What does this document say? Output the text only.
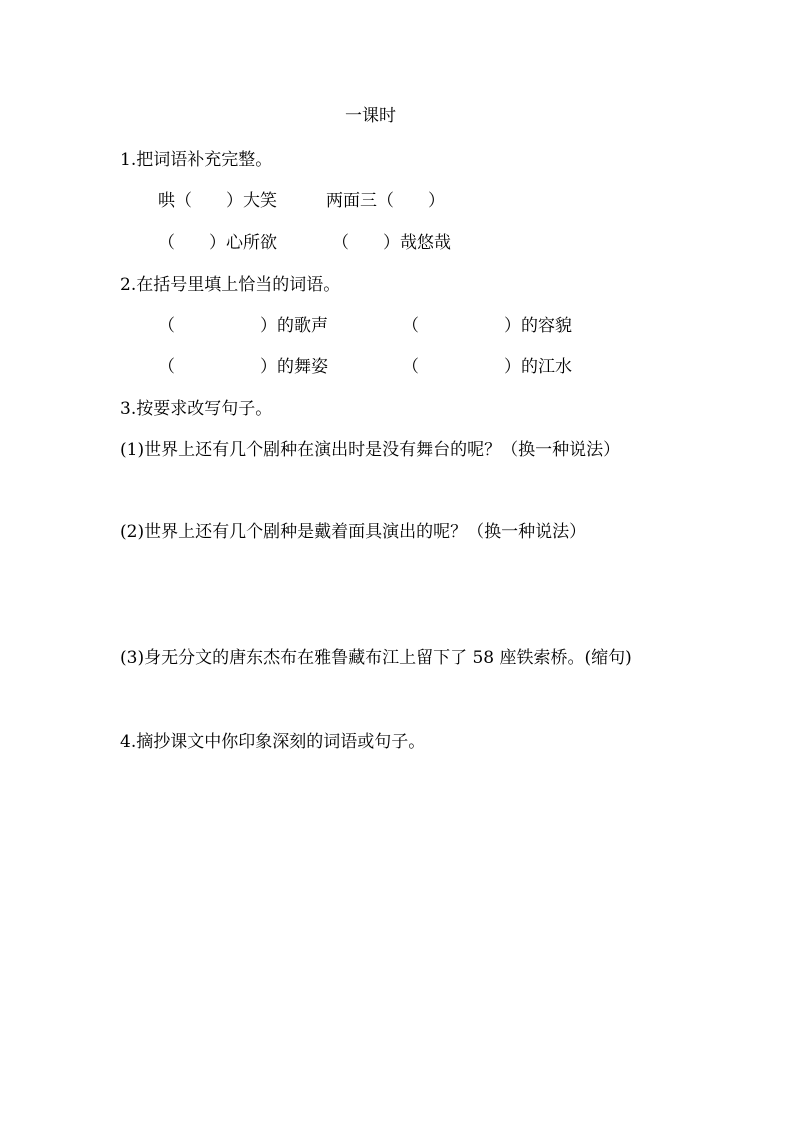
一课时
1.把词语补充完整。
哄（　　）大笑	两面三（　　）
（　　）心所欲	（　　）哉悠哉
2.在括号里填上恰当的词语。
（　　　　　）的歌声	（　　　　　）的容貌
（　　　　　）的舞姿	（　　　　　）的江水
3.按要求改写句子。
(1)世界上还有几个剧种在演出时是没有舞台的呢？（换一种说法）
(2)世界上还有几个剧种是戴着面具演出的呢？（换一种说法）
(3)身无分文的唐东杰布在雅鲁藏布江上留下了 58 座铁索桥。(缩句)
4.摘抄课文中你印象深刻的词语或句子。
